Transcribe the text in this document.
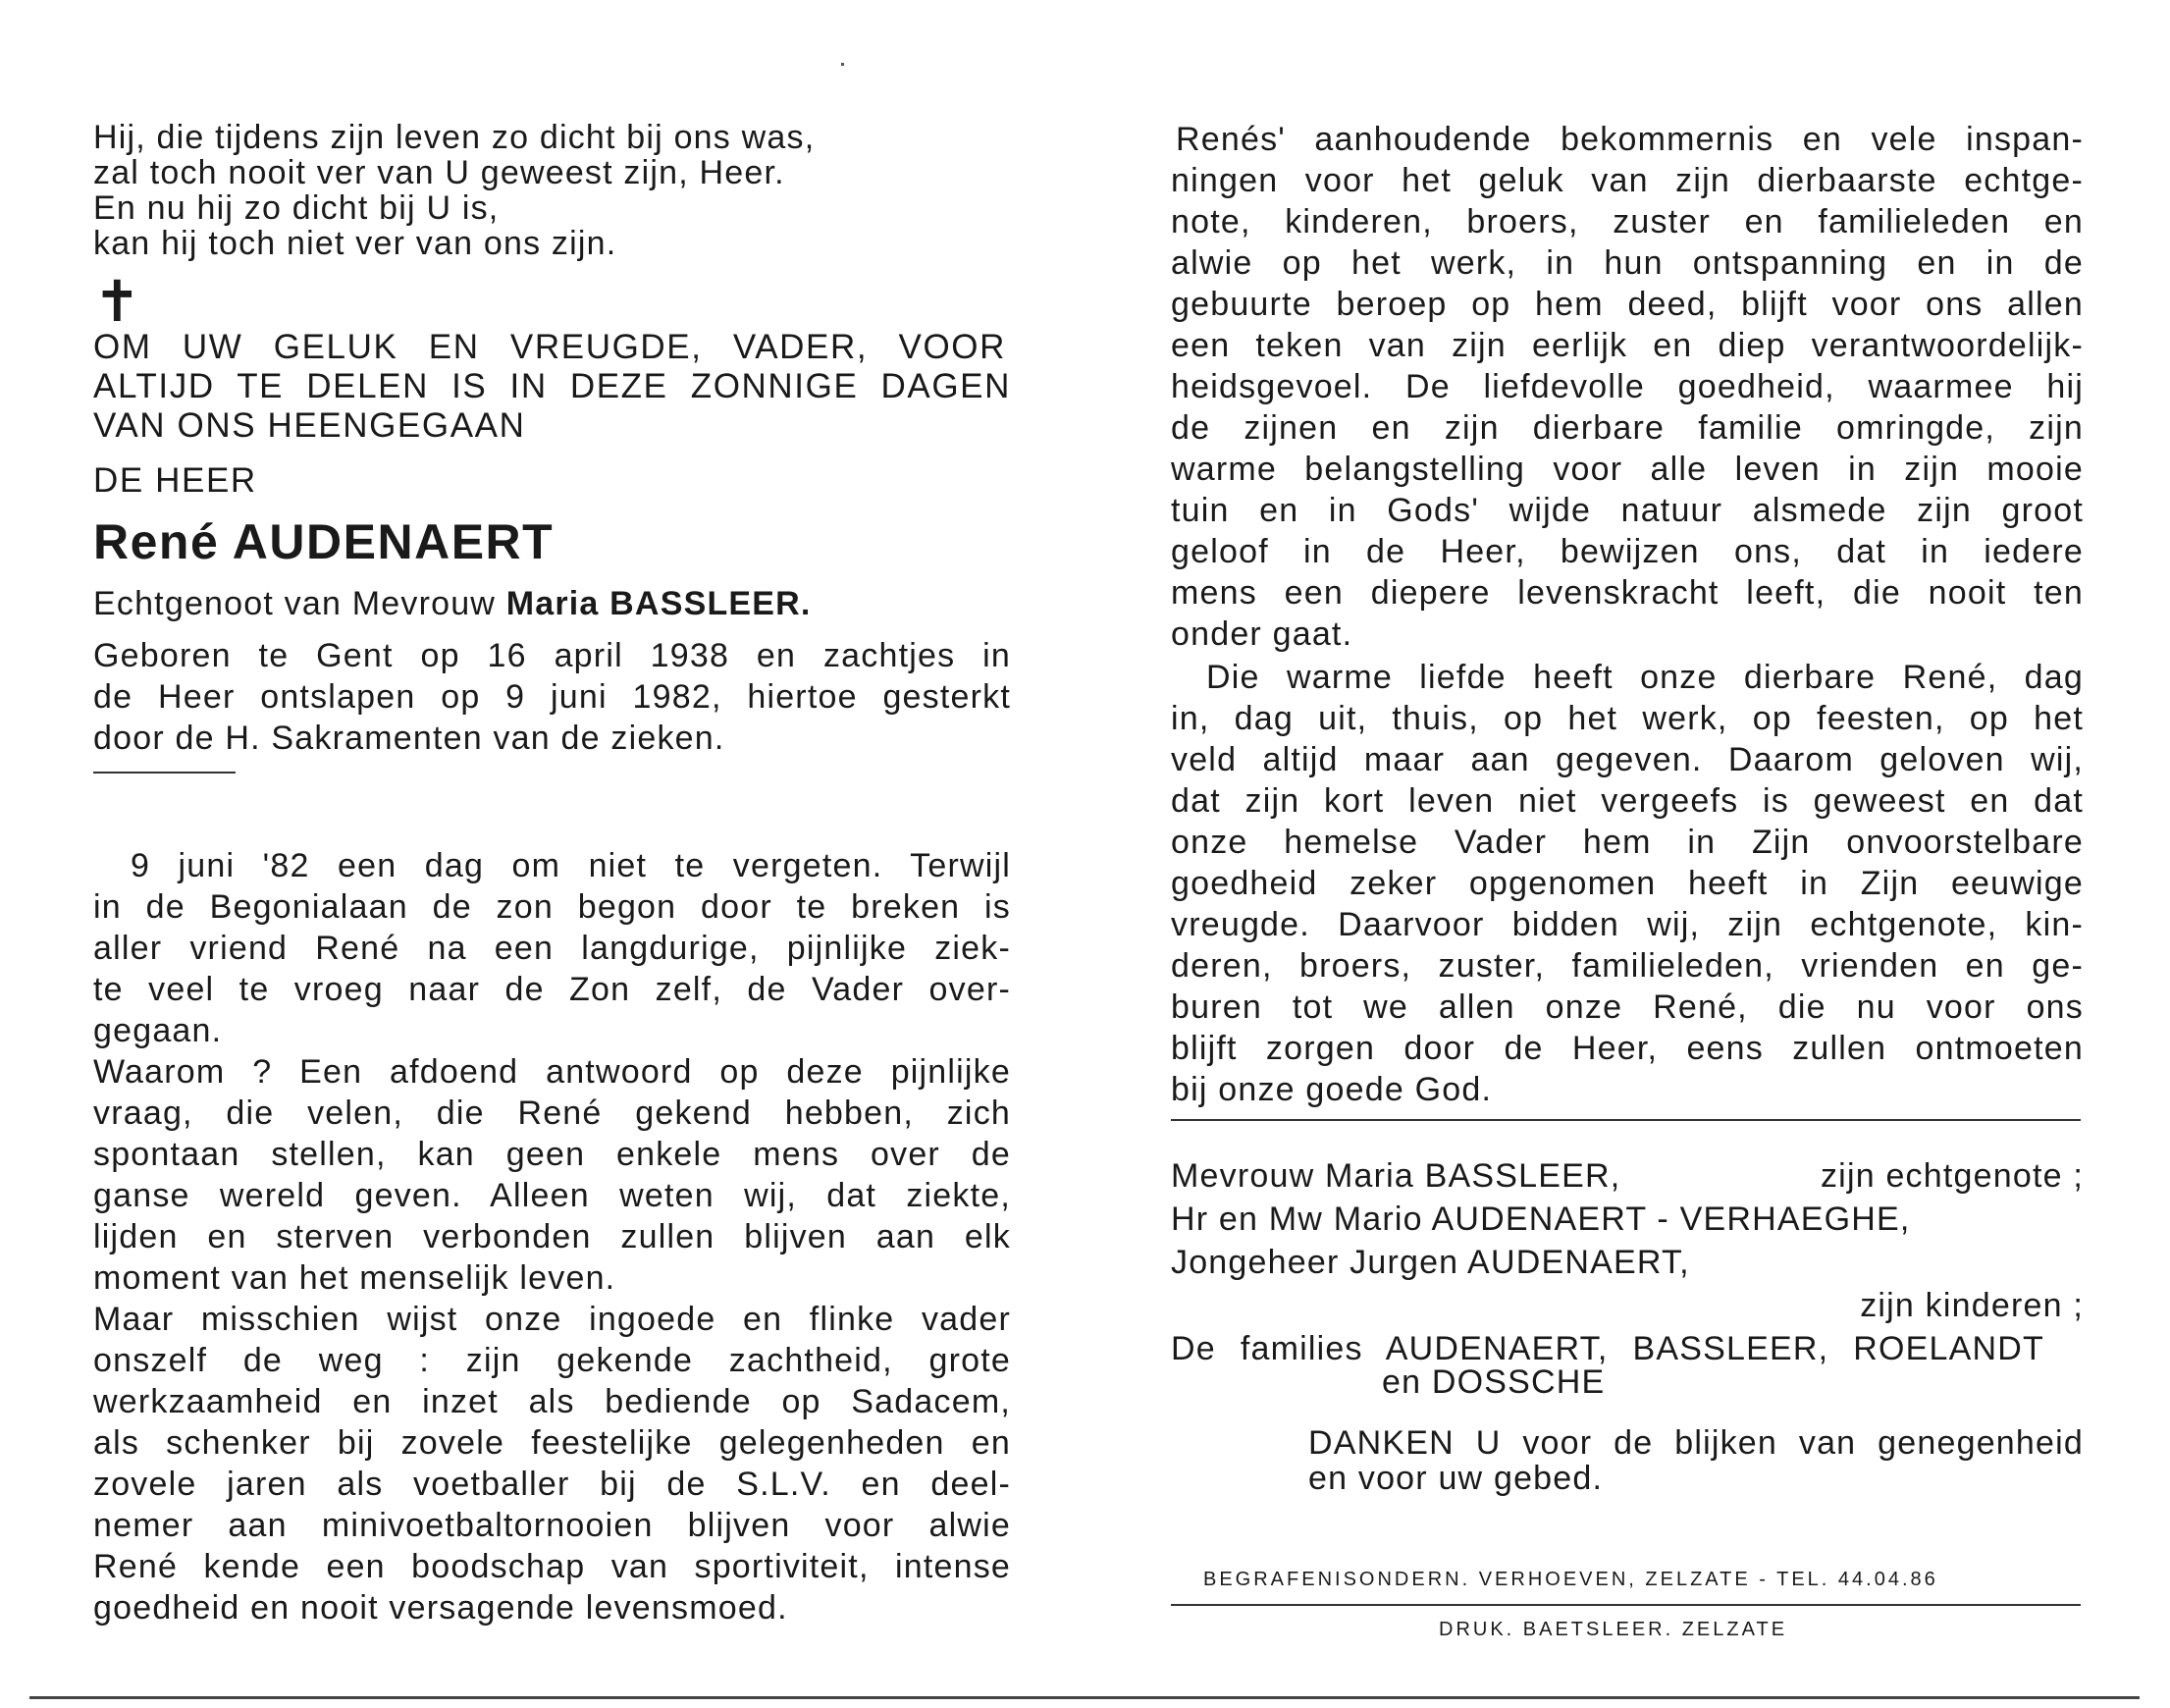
Hij, die tijdens zijn leven zo dicht bij ons was,
zal toch nooit ver van U geweest zijn, Heer.
En nu hij zo dicht bij U is,
kan hij toch niet ver van ons zijn.
✝
OM UW GELUK EN VREUGDE, VADER, VOOR
ALTIJD TE DELEN IS IN DEZE ZONNIGE DAGEN
VAN ONS HEENGEGAAN
DE HEER
René AUDENAERT
Echtgenoot van Mevrouw Maria BASSLEER.
Geboren te Gent op 16 april 1938 en zachtjes in
de Heer ontslapen op 9 juni 1982, hiertoe gesterkt
door de H. Sakramenten van de zieken.
9 juni '82 een dag om niet te vergeten. Terwijl
in de Begonialaan de zon begon door te breken is
aller vriend René na een langdurige, pijnlijke ziek-
te veel te vroeg naar de Zon zelf, de Vader over-
gegaan.
Waarom ? Een afdoend antwoord op deze pijnlijke
vraag, die velen, die René gekend hebben, zich
spontaan stellen, kan geen enkele mens over de
ganse wereld geven. Alleen weten wij, dat ziekte,
lijden en sterven verbonden zullen blijven aan elk
moment van het menselijk leven.
Maar misschien wijst onze ingoede en flinke vader
onszelf de weg : zijn gekende zachtheid, grote
werkzaamheid en inzet als bediende op Sadacem,
als schenker bij zovele feestelijke gelegenheden en
zovele jaren als voetballer bij de S.L.V. en deel-
nemer aan minivoetbaltornooien blijven voor alwie
René kende een boodschap van sportiviteit, intense
goedheid en nooit versagende levensmoed.
Renés' aanhoudende bekommernis en vele inspan-
ningen voor het geluk van zijn dierbaarste echtge-
note, kinderen, broers, zuster en familieleden en
alwie op het werk, in hun ontspanning en in de
gebuurte beroep op hem deed, blijft voor ons allen
een teken van zijn eerlijk en diep verantwoordelijk-
heidsgevoel. De liefdevolle goedheid, waarmee hij
de zijnen en zijn dierbare familie omringde, zijn
warme belangstelling voor alle leven in zijn mooie
tuin en in Gods' wijde natuur alsmede zijn groot
geloof in de Heer, bewijzen ons, dat in iedere
mens een diepere levenskracht leeft, die nooit ten
onder gaat.
Die warme liefde heeft onze dierbare René, dag
in, dag uit, thuis, op het werk, op feesten, op het
veld altijd maar aan gegeven. Daarom geloven wij,
dat zijn kort leven niet vergeefs is geweest en dat
onze hemelse Vader hem in Zijn onvoorstelbare
goedheid zeker opgenomen heeft in Zijn eeuwige
vreugde. Daarvoor bidden wij, zijn echtgenote, kin-
deren, broers, zuster, familieleden, vrienden en ge-
buren tot we allen onze René, die nu voor ons
blijft zorgen door de Heer, eens zullen ontmoeten
bij onze goede God.
Mevrouw Maria BASSLEER,	zijn echtgenote ;
Hr en Mw Mario AUDENAERT - VERHAEGHE,
Jongeheer Jurgen AUDENAERT,
zijn kinderen ;
De families AUDENAERT, BASSLEER, ROELANDT
en DOSSCHE
DANKEN U voor de blijken van genegenheid
en voor uw gebed.
BEGRAFENISONDERN. VERHOEVEN, ZELZATE - TEL. 44.04.86
DRUK. BAETSLEER. ZELZATE
